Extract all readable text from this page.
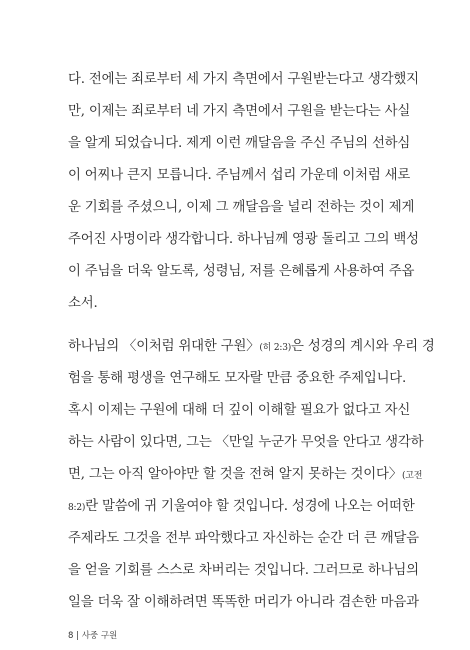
다. 전에는 죄로부터 세 가지 측면에서 구원받는다고 생각했지
만, 이제는 죄로부터 네 가지 측면에서 구원을 받는다는 사실
을 알게 되었습니다. 제게 이런 깨달음을 주신 주님의 선하심
이 어찌나 큰지 모릅니다. 주님께서 섭리 가운데 이처럼 새로
운 기회를 주셨으니, 이제 그 깨달음을 널리 전하는 것이 제게
주어진 사명이라 생각합니다. 하나님께 영광 돌리고 그의 백성
이 주님을 더욱 알도록, 성령님, 저를 은혜롭게 사용하여 주옵
소서.
하나님의 〈이처럼 위대한 구원〉(히 2:3)은 성경의 계시와 우리 경
험을 통해 평생을 연구해도 모자랄 만큼 중요한 주제입니다.
혹시 이제는 구원에 대해 더 깊이 이해할 필요가 없다고 자신
하는 사람이 있다면, 그는 〈만일 누군가 무엇을 안다고 생각하
면, 그는 아직 알아야만 할 것을 전혀 알지 못하는 것이다〉(고전
8:2)란 말씀에 귀 기울여야 할 것입니다. 성경에 나오는 어떠한
주제라도 그것을 전부 파악했다고 자신하는 순간 더 큰 깨달음
을 얻을 기회를 스스로 차버리는 것입니다. 그러므로 하나님의
일을 더욱 잘 이해하려면 똑똑한 머리가 아니라 겸손한 마음과
8 | 사중 구원
